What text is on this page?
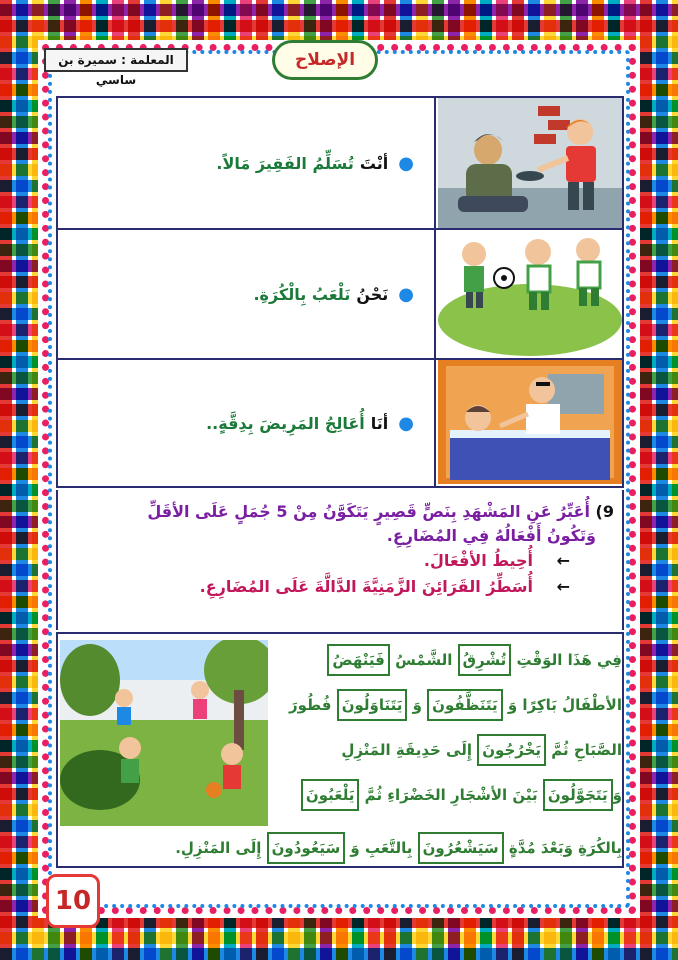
المعلمة : سميرة بن ساسي
الإصلاح
●
أنْتَ
تُسَلِّمُ الفَقِيرَ مَالاً.
●
نَحْنُ
نَلْعَبُ بِالْكُرَةِ.
●
أنَا
أُعَالِجُ المَرِيضَ بِدِقَّةٍ..
9) أُعَبِّرُ عَنِ المَشْهَدِ بِنَصٍّ قَصِيرٍ يَتَكَوَّنُ مِنْ 5 جُمَلٍ عَلَى الأقَلِّ
وَتَكُونُ أَفْعَالُهُ فِي المُضَارِعِ.
← أُحِيطُ الأفْعَالَ.
← أُسَطِّرُ القَرَائِنَ الزَّمَنِيَّةَ الدَّالَّةَ عَلَى المُضَارِعِ.
فِي هَذَا الوَقْتِ تُشْرِقُ الشَّمْسُ فَيَنْهَضُ
الأطْفَالُ بَاكِرًا وَ يَتَنَظَّفُونَ وَ يَتَنَاوَلُونَ فُطُورَ
الصَّبَاحِ ثُمَّ يَخْرُجُونَ إِلَى حَدِيقَةِ المَنْزِلِ
وَيَتَجَوَّلُونَ بَيْنَ الأشْجَارِ الخَضْرَاءِ ثُمَّ يَلْعَبُونَ
بِالكُرَةِ وَبَعْدَ مُدَّةٍ سَيَشْعُرُونَ بِالتَّعَبِ وَ سَيَعُودُونَ إِلَى المَنْزِلِ.
10
